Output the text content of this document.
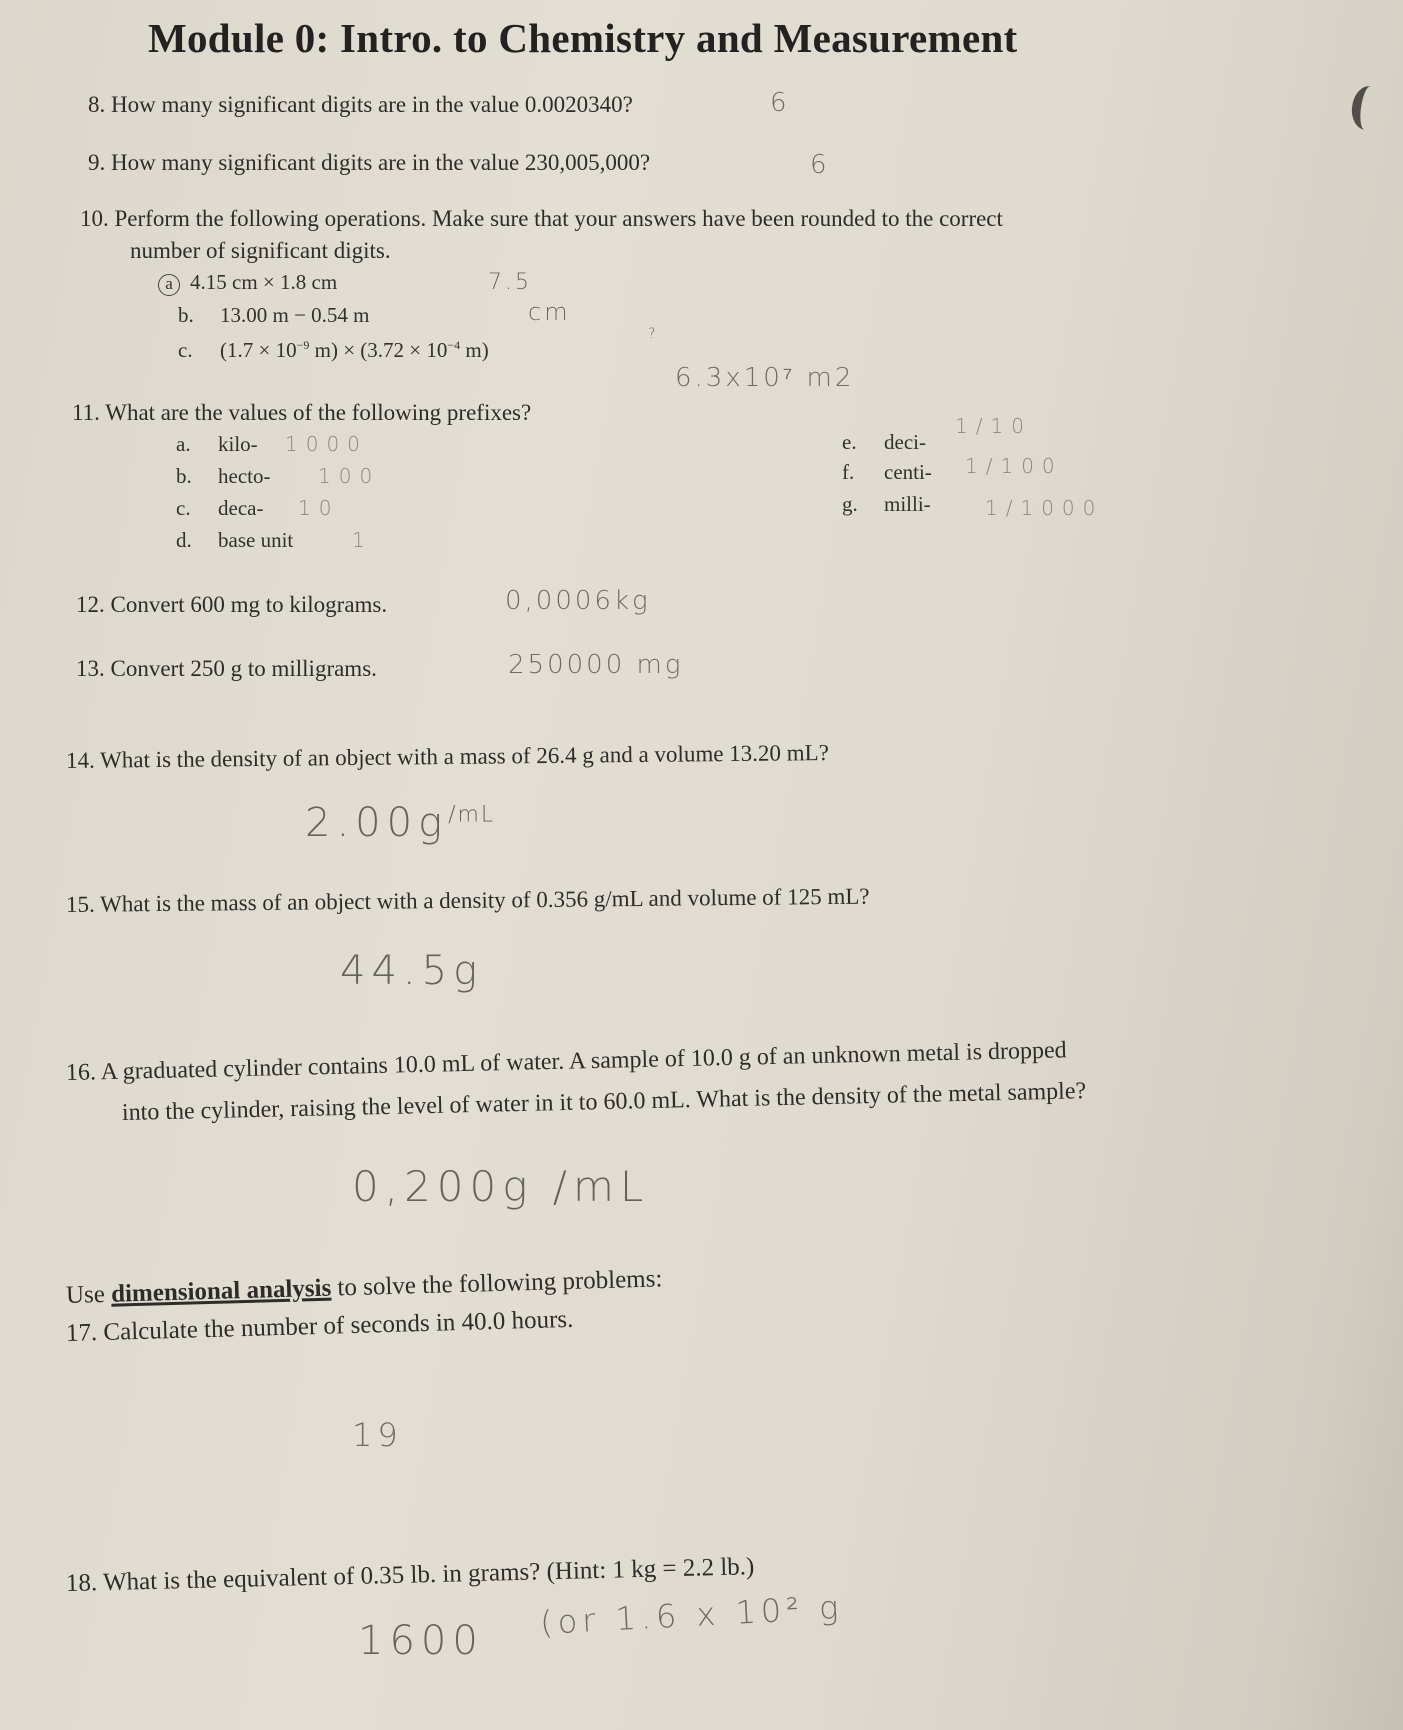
Module 0: Intro. to Chemistry and Measurement
8. How many significant digits are in the value 0.0020340?	6
9. How many significant digits are in the value 230,005,000?	6
10. Perform the following operations. Make sure that your answers have been rounded to the correct
number of significant digits.
a 4.15 cm × 1.8 cm	7.5
b. 13.00 m − 0.54 m	cm
c. ($1.7 \times 10^{-9}$ $m) \times (3.72 \times 10^{-4}$ m)
?
6.3x10⁷ m2
11. What are the values of the following prefixes?
a. kilo- 1000
b. hecto- 100
c. deca- 10
d. base unit	1
e. deci-
1/10
f. centi- 1/100
g. milli-	1/1000
12. Convert 600 mg to kilograms.	0,0006kg
13. Convert 250 g to milligrams.	250000 mg
14. What is the density of an object with a mass of 26.4 g and a volume 13.20 mL?
$2.00g^{/mL}$
15. What is the mass of an object with a density of 0.356 g/mL and volume of 125 mL?
44.5g
16. A graduated cylinder contains 10.0 mL of water. A sample of 10.0 g of an unknown metal is dropped
into the cylinder, raising the level of water in it to 60.0 mL. What is the density of the metal sample?
0,200g /mL
Use dimensional analysis to solve the following problems:
17. Calculate the number of seconds in 40.0 hours.
19
18. What is the equivalent of 0.35 lb. in grams? (Hint: 1 kg = 2.2 lb.)
1600 (or 1.6 x 10² g
